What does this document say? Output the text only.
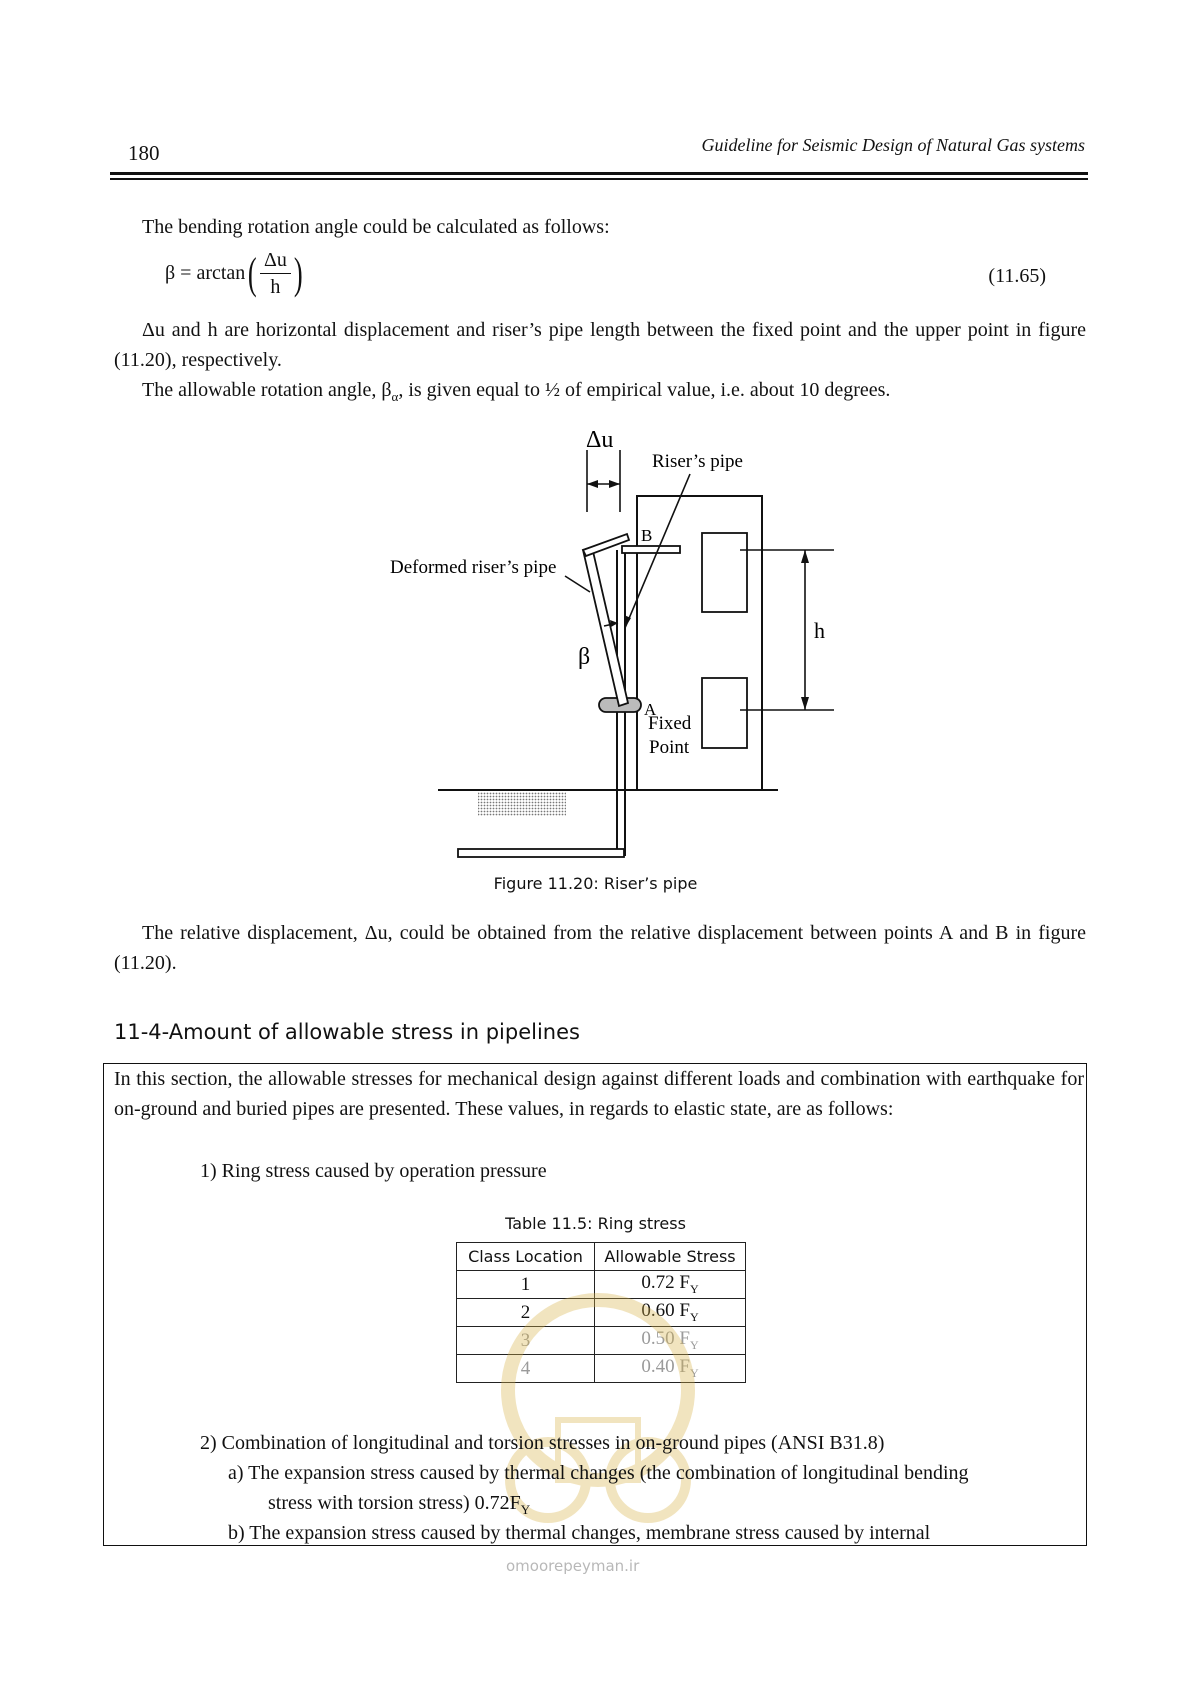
180	Guideline for Seismic Design of Natural Gas systems
The bending rotation angle could be calculated as follows:
$\beta = \arctan( \frac{\Delta u}{h}$ )	(11.65)
Δu and h are horizontal displacement and riser’s pipe length between the fixed point and the upper point in figure (11.20), respectively.
The allowable rotation angle, $\beta_\alpha$, is given equal to ½ of empirical value, i.e. about 10 degrees.
h
Δu
Riser’s pipe
Deformed riser’s pipe
β
B
A
Fixed
Point
Figure 11.20: Riser’s pipe
The relative displacement, Δu, could be obtained from the relative displacement between points A and B in figure (11.20).
11-4-Amount of allowable stress in pipelines
In this section, the allowable stresses for mechanical design against different loads and combination with earthquake for on-ground and buried pipes are presented. These values, in regards to elastic state, are as follows:
1) Ring stress caused by operation pressure
Table 11.5: Ring stress
Class Location	Allowable Stress
1	0.72 $F_Y$
2	0.60 $F_Y$
3	0.50 $F_Y$
4	0.40 $F_Y$
2) Combination of longitudinal and torsion stresses in on-ground pipes (ANSI B31.8)
a) The expansion stress caused by thermal changes (the combination of longitudinal bending
stress with torsion stress) $0.72F_Y$
b) The expansion stress caused by thermal changes, membrane stress caused by internal
omoorepeyman.ir
